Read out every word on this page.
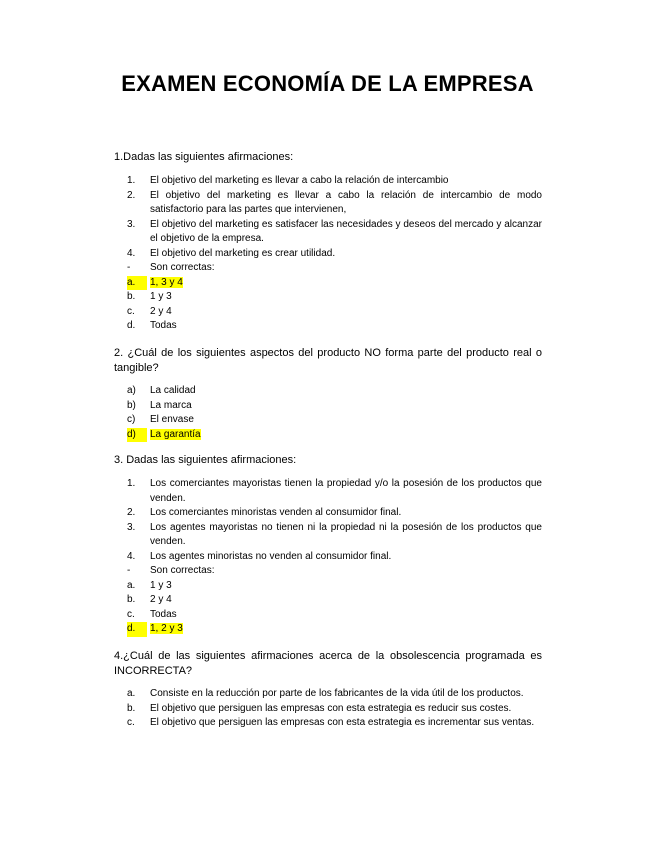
EXAMEN ECONOMÍA DE LA EMPRESA

1.Dadas las siguientes afirmaciones:

1.	El objetivo del marketing es llevar a cabo la relación de intercambio
2.	El objetivo del marketing es llevar a cabo la relación de intercambio de modo satisfactorio para las partes que intervienen,
3.	El objetivo del marketing es satisfacer las necesidades y deseos del mercado y alcanzar el objetivo de la empresa.
4.	El objetivo del marketing es crear utilidad.
-	Son correctas:
a.	1, 3 y 4
b.	1 y 3
c.	2 y 4
d.	Todas

2. ¿Cuál de los siguientes aspectos del producto NO forma parte del producto real o tangible?

a)	La calidad
b)	La marca
c)	El envase
d)	La garantía

3. Dadas las siguientes afirmaciones:

1.	Los comerciantes mayoristas tienen la propiedad y/o la posesión de los productos que venden.
2.	Los comerciantes minoristas venden al consumidor final.
3.	Los agentes mayoristas no tienen ni la propiedad ni la posesión de los productos que venden.
4.	Los agentes minoristas no venden al consumidor final.
-	Son correctas:
a.	1 y 3
b.	2 y 4
c.	Todas
d.	1, 2 y 3

4.¿Cuál de las siguientes afirmaciones acerca de la obsolescencia programada es INCORRECTA?

a.	Consiste en la reducción por parte de los fabricantes de la vida útil de los productos.
b.	El objetivo que persiguen las empresas con esta estrategia es reducir sus costes.
c.	El objetivo que persiguen las empresas con esta estrategia es incrementar sus ventas.
